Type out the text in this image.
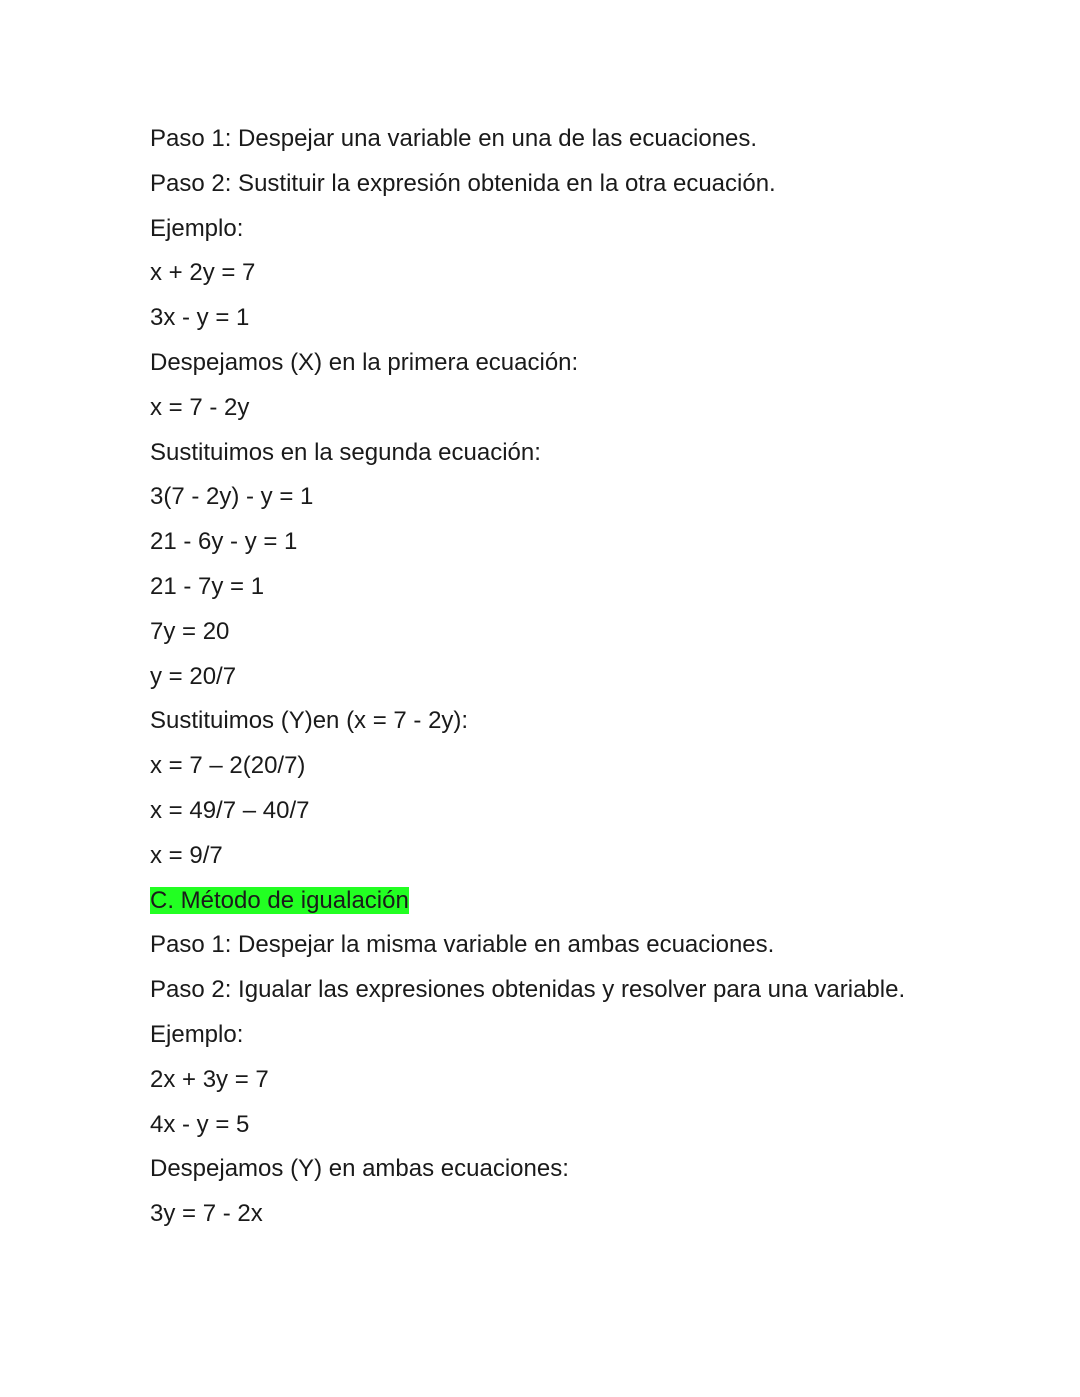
Paso 1: Despejar una variable en una de las ecuaciones.
Paso 2: Sustituir la expresión obtenida en la otra ecuación.
Ejemplo:
x + 2y = 7
3x - y = 1
Despejamos (X) en la primera ecuación:
x = 7 - 2y
Sustituimos en la segunda ecuación:
3(7 - 2y) - y = 1
21 - 6y - y = 1
21 - 7y = 1
7y = 20
y = 20/7
Sustituimos (Y)en (x = 7 - 2y):
x = 7 – 2(20/7)
x = 49/7 – 40/7
x = 9/7
C. Método de igualación
Paso 1: Despejar la misma variable en ambas ecuaciones.
Paso 2: Igualar las expresiones obtenidas y resolver para una variable.
Ejemplo:
2x + 3y = 7
4x - y = 5
Despejamos (Y) en ambas ecuaciones:
3y = 7 - 2x
